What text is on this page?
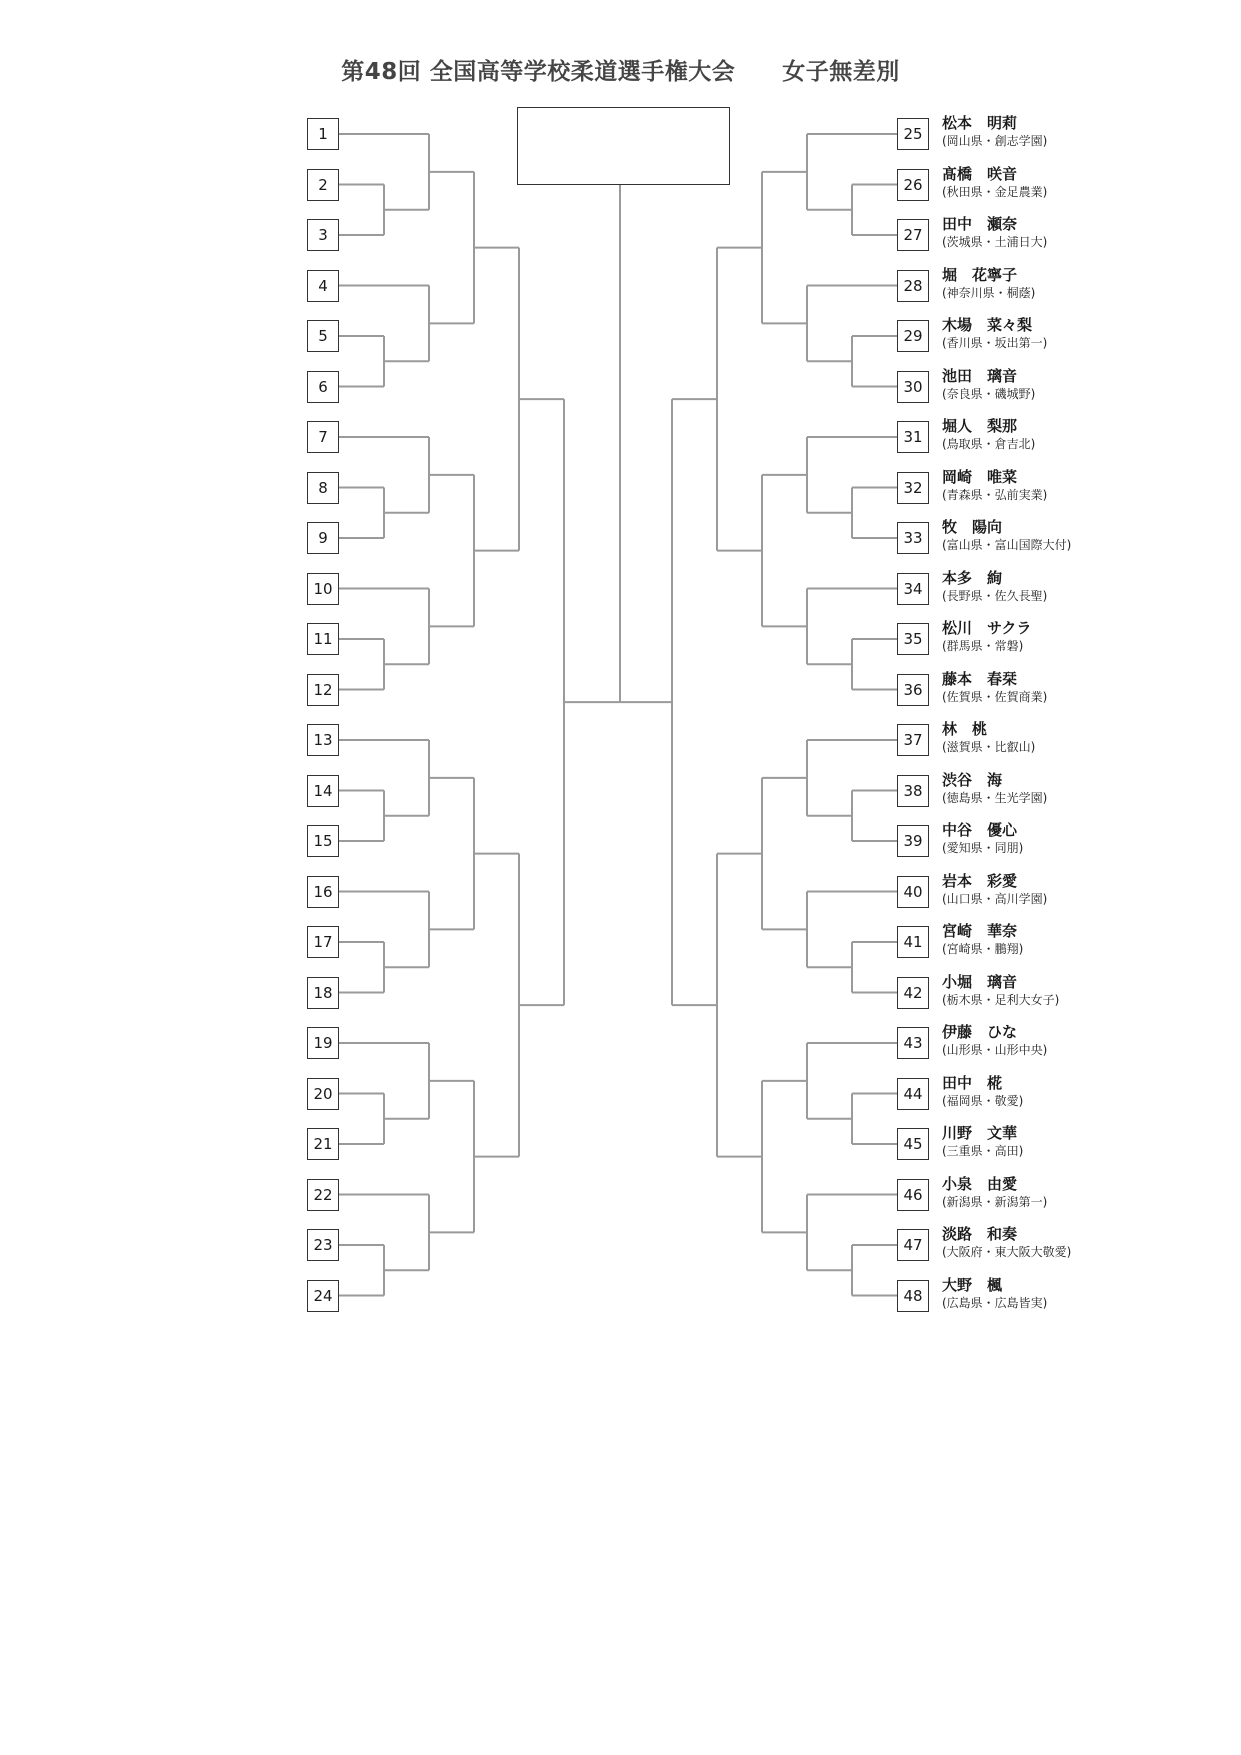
第48回 全国高等学校柔道選手権大会　　女子無差別
1
2
3
4
5
6
7
8
9
10
11
12
13
14
15
16
17
18
19
20
21
22
23
24
25
松本　明莉
(岡山県・創志学園)
26
髙橋　咲音
(秋田県・金足農業)
27
田中　瀬奈
(茨城県・土浦日大)
28
堀　花寧子
(神奈川県・桐蔭)
29
木場　菜々梨
(香川県・坂出第一)
30
池田　璃音
(奈良県・磯城野)
31
堀人　梨那
(鳥取県・倉吉北)
32
岡崎　唯菜
(青森県・弘前実業)
33
牧　陽向
(富山県・富山国際大付)
34
本多　絢
(長野県・佐久長聖)
35
松川　サクラ
(群馬県・常磐)
36
藤本　春栞
(佐賀県・佐賀商業)
37
林　桃
(滋賀県・比叡山)
38
渋谷　海
(徳島県・生光学園)
39
中谷　優心
(愛知県・同朋)
40
岩本　彩愛
(山口県・高川学園)
41
宮崎　華奈
(宮崎県・鵬翔)
42
小堀　璃音
(栃木県・足利大女子)
43
伊藤　ひな
(山形県・山形中央)
44
田中　椛
(福岡県・敬愛)
45
川野　文華
(三重県・高田)
46
小泉　由愛
(新潟県・新潟第一)
47
淡路　和奏
(大阪府・東大阪大敬愛)
48
大野　楓
(広島県・広島皆実)
